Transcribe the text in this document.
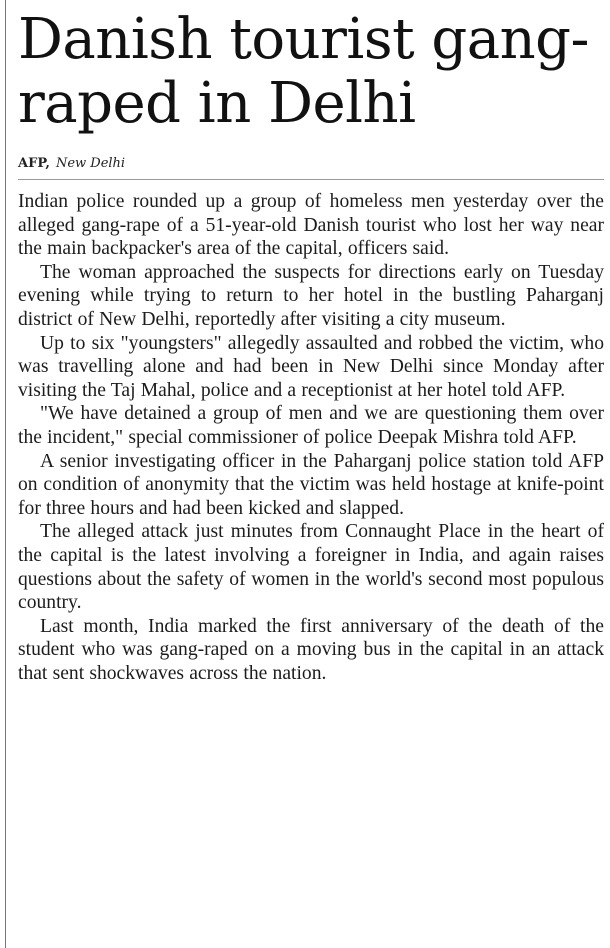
Danish tourist gang-raped in Delhi
AFP, New Delhi

Indian police rounded up a group of homeless men yesterday over the alleged gang-rape of a 51-year-old Danish tourist who lost her way near the main backpacker's area of the capital, officers said.

The woman approached the suspects for directions early on Tuesday evening while trying to return to her hotel in the bustling Paharganj district of New Delhi, reportedly after visiting a city museum.

Up to six "youngsters" allegedly assaulted and robbed the victim, who was travelling alone and had been in New Delhi since Monday after visiting the Taj Mahal, police and a receptionist at her hotel told AFP.

"We have detained a group of men and we are questioning them over the incident," special commissioner of police Deepak Mishra told AFP.

A senior investigating officer in the Paharganj police station told AFP on condition of anonymity that the victim was held hostage at knife-point for three hours and had been kicked and slapped.

The alleged attack just minutes from Connaught Place in the heart of the capital is the latest involving a foreigner in India, and again raises questions about the safety of women in the world's second most populous country.

Last month, India marked the first anniversary of the death of the student who was gang-raped on a moving bus in the capital in an attack that sent shockwaves across the nation.
